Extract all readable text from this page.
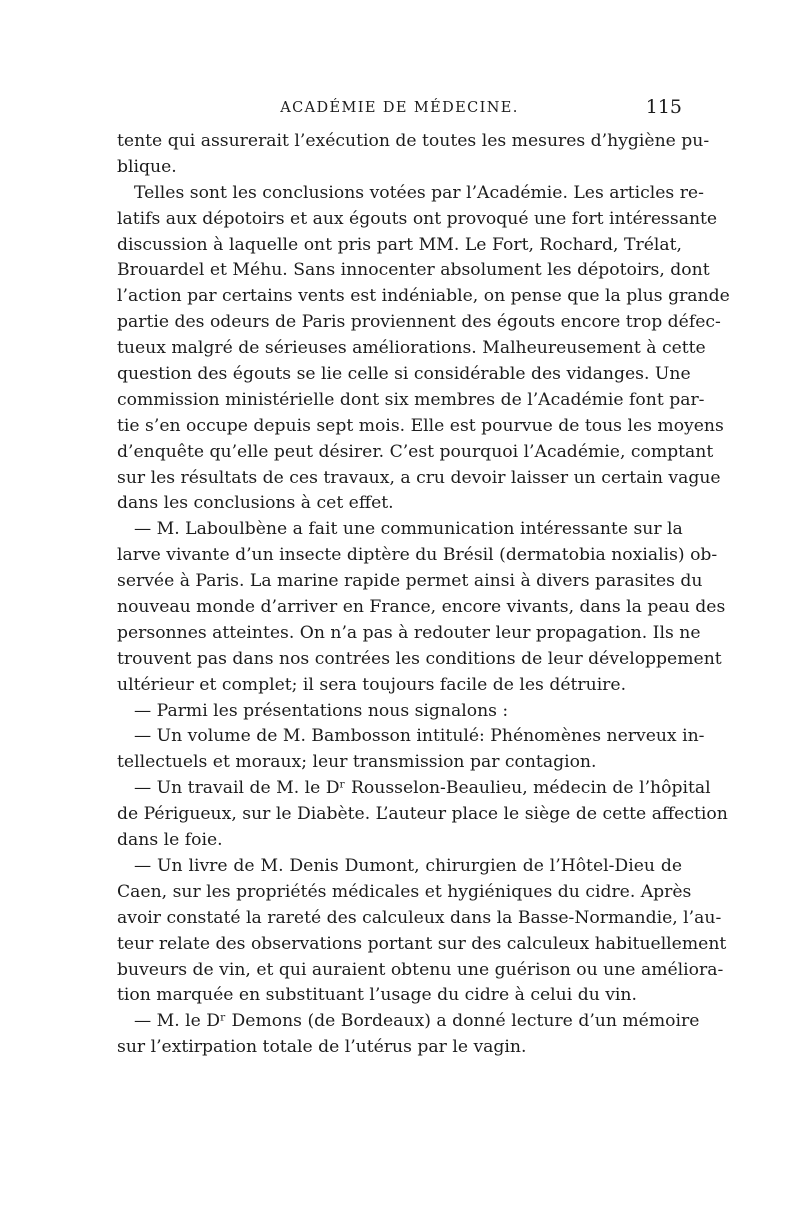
ACADÉMIE DE MÉDECINE.	115
tente qui assurerait l’exécution de toutes les mesures d’hygiène pu-
blique.
Telles sont les conclusions votées par l’Académie. Les articles re-
latifs aux dépotoirs et aux égouts ont provoqué une fort intéressante
discussion à laquelle ont pris part MM. Le Fort, Rochard, Trélat,
Brouardel et Méhu. Sans innocenter absolument les dépotoirs, dont
l’action par certains vents est indéniable, on pense que la plus grande
partie des odeurs de Paris proviennent des égouts encore trop défec-
tueux malgré de sérieuses améliorations. Malheureusement à cette
question des égouts se lie celle si considérable des vidanges. Une
commission ministérielle dont six membres de l’Académie font par-
tie s’en occupe depuis sept mois. Elle est pourvue de tous les moyens
d’enquête qu’elle peut désirer. C’est pourquoi l’Académie, comptant
sur les résultats de ces travaux, a cru devoir laisser un certain vague
dans les conclusions à cet effet.
— M. Laboulbène a fait une communication intéressante sur la
larve vivante d’un insecte diptère du Brésil (dermatobia noxialis) ob-
servée à Paris. La marine rapide permet ainsi à divers parasites du
nouveau monde d’arriver en France, encore vivants, dans la peau des
personnes atteintes. On n’a pas à redouter leur propagation. Ils ne
trouvent pas dans nos contrées les conditions de leur développement
ultérieur et complet; il sera toujours facile de les détruire.
— Parmi les présentations nous signalons :
— Un volume de M. Bambosson intitulé: Phénomènes nerveux in-
tellectuels et moraux; leur transmission par contagion.
— Un travail de M. le Dʳ Rousselon-Beaulieu, médecin de l’hôpital
de Périgueux, sur le Diabète. L’auteur place le siège de cette affection
dans le foie.
— Un livre de M. Denis Dumont, chirurgien de l’Hôtel-Dieu de
Caen, sur les propriétés médicales et hygiéniques du cidre. Après
avoir constaté la rareté des calculeux dans la Basse-Normandie, l’au-
teur relate des observations portant sur des calculeux habituellement
buveurs de vin, et qui auraient obtenu une guérison ou une améliora-
tion marquée en substituant l’usage du cidre à celui du vin.
— M. le Dʳ Demons (de Bordeaux) a donné lecture d’un mémoire
sur l’extirpation totale de l’utérus par le vagin.
